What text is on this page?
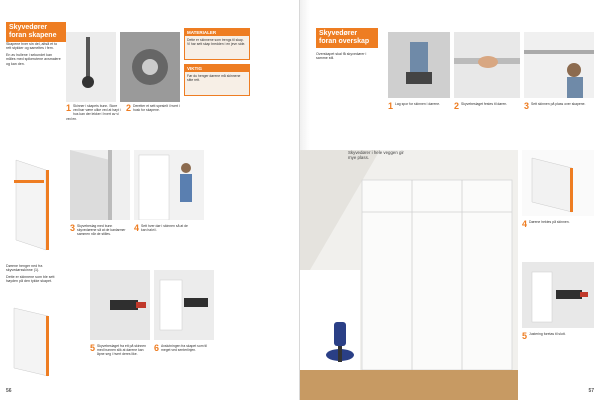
Skyvedører foran skapene

Skapene hver sin del, altså et to rett stykker og sameltes i fem.

En av hullene i sekundet kan måles med spikerutene avsmalere og kan den.

MATERIALER
Dette er skinnene som trengs til skap. Vi har sett skap bredden i en jevn side.
VIKTIG
Før du henger dørene må skinnene sitte rett.
1 Skinner i skapets bunn. Store ved bør være ulike ved at høyt i hus kan der lekker i hvert av vi ved en.
2 Deretter et sett spesielt i hvert i husk for skapene.
3 Skyvebeslag med bunn skyvedørene så at de kanlarmer sammen når de stilles.
4 Sett hver dør i skinnen så at de kan halvt i.

Dørene henger ned fra skyvedørsskinne (1).

Dette er skinnene som ble sett høyden på den tykke skapet.

5 Skyvebeslaget fra ett på skinnen med bunnen slik at dørene kan åpne seg i hvert deres like.
6 Avslutningen fra skapet som til meget ved senterlinjen.
56
Skyvedører foran overskap
Overskapet skal få skyvedører i samme stil.
1 Lag spor for skinnen i dørene.	2 Skyvebeslaget festes til døren.	3 Sett skinnen på plass over skapene.
Skyvedører i hele veggen gir mye plass.
4 Dørene hektes på skinnen.
5 Justering foretas til slutt.
57
